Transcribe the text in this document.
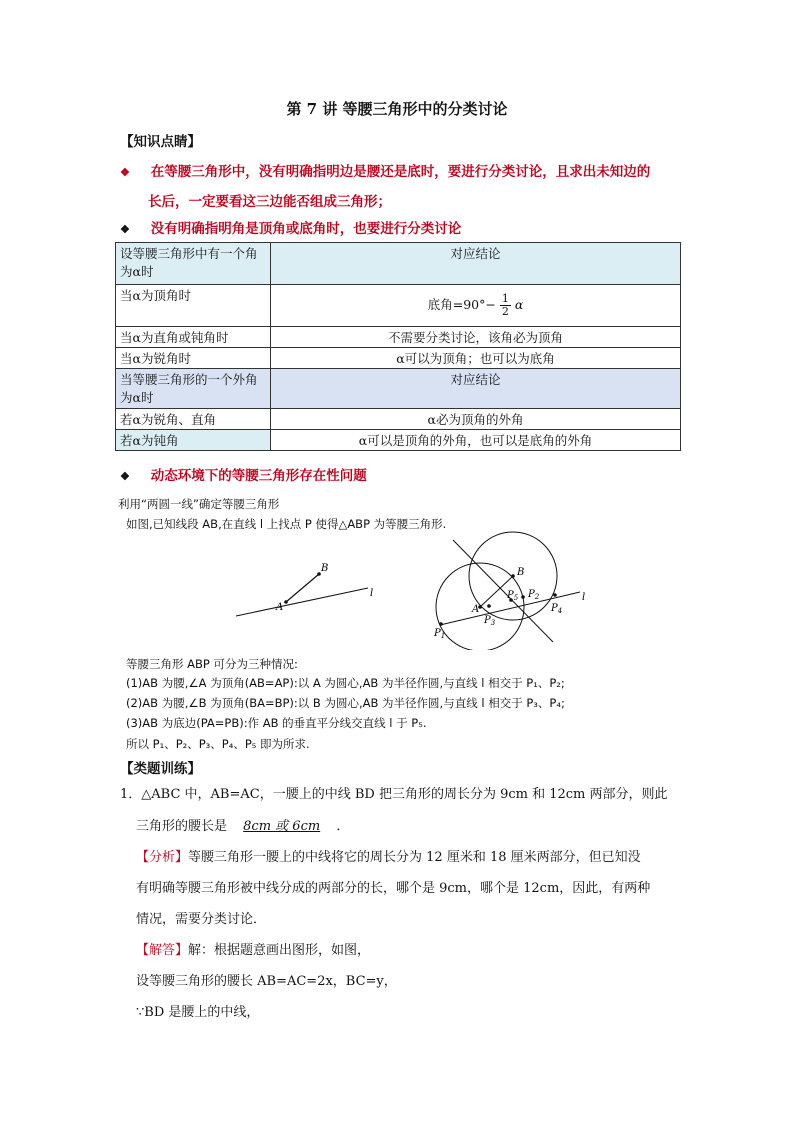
第 7 讲 等腰三角形中的分类讨论
【知识点睛】
❖ 在等腰三角形中，没有明确指明边是腰还是底时，要进行分类讨论，且求出未知边的
长后，一定要看这三边能否组成三角形；
❖ 没有明确指明角是顶角或底角时，也要进行分类讨论
设等腰三角形中有一个角为α时	对应结论
当α为顶角时	底角$=90^\circ- \frac{1}{2}$ α
当α为直角或钝角时	不需要分类讨论，该角必为顶角
当α为锐角时	α可以为顶角；也可以为底角
当等腰三角形的一个外角为α时	对应结论
若α为锐角、直角	α必为顶角的外角
若α为钝角	α可以是顶角的外角，也可以是底角的外角
❖ 动态环境下的等腰三角形存在性问题
利用“两圆一线”确定等腰三角形
如图,已知线段 AB,在直线 l 上找点 P 使得△ABP 为等腰三角形.
A
B
l
A
B
l
$P_1$
$P_2$
$P_3$
$P_4$
$P_5$
等腰三角形 ABP 可分为三种情况:
(1)AB 为腰,∠A 为顶角(AB=AP):以 A 为圆心,AB 为半径作圆,与直线 l 相交于 P₁、P₂;
(2)AB 为腰,∠B 为顶角(BA=BP):以 B 为圆心,AB 为半径作圆,与直线 l 相交于 P₃、P₄;
(3)AB 为底边(PA=PB):作 AB 的垂直平分线交直线 l 于 P₅.
所以 P₁、P₂、P₃、P₄、P₅ 即为所求.
【类题训练】
1．△ABC 中，AB=AC，一腰上的中线 BD 把三角形的周长分为 9cm 和 12cm 两部分，则此
三角形的腰长是 8cm 或 6cm ．
【分析】等腰三角形一腰上的中线将它的周长分为 12 厘米和 18 厘米两部分，但已知没
有明确等腰三角形被中线分成的两部分的长，哪个是 9cm，哪个是 12cm，因此，有两种
情况，需要分类讨论．
【解答】解：根据题意画出图形，如图，
设等腰三角形的腰长 AB=AC=2x，BC=y，
∵BD 是腰上的中线，
